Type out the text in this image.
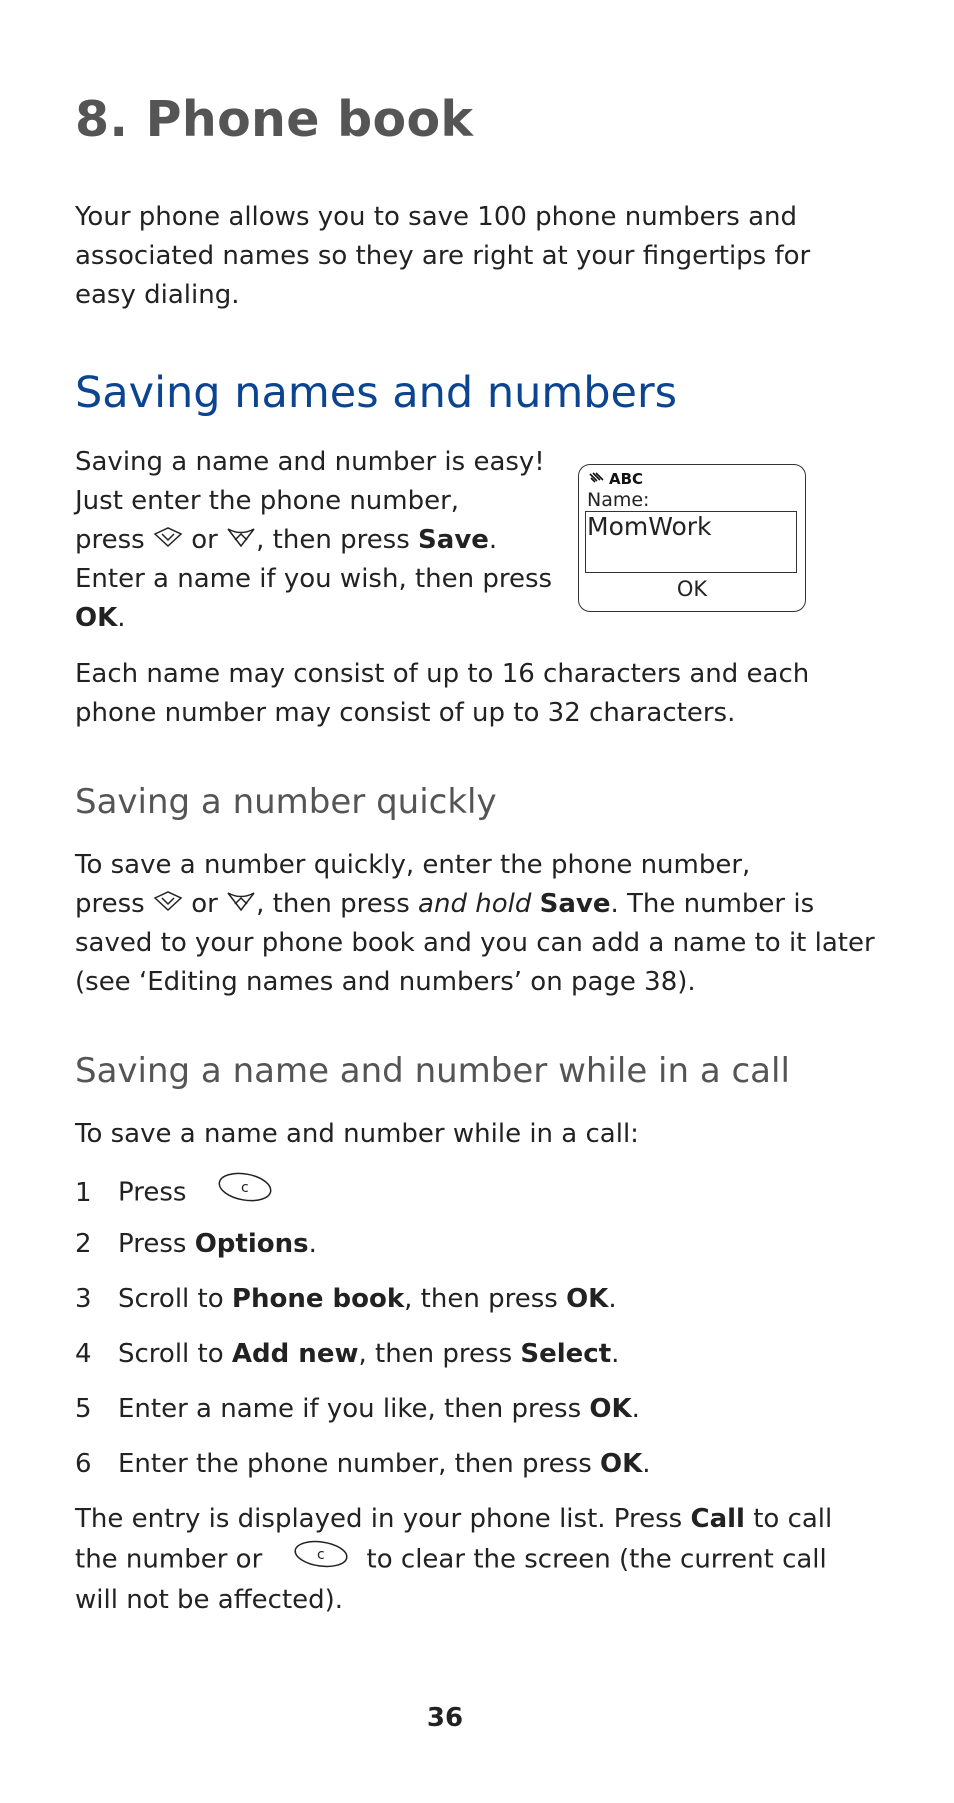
8. Phone book
Your phone allows you to save 100 phone numbers and
associated names so they are right at your fingertips for
easy dialing.
Saving names and numbers
Saving a name and number is easy!
Just enter the phone number,
press or , then press Save.
Enter a name if you wish, then press
OK.
ABC
Name:
MomWork
OK
Each name may consist of up to 16 characters and each
phone number may consist of up to 32 characters.
Saving a number quickly
To save a number quickly, enter the phone number,
press or , then press and hold Save. The number is
saved to your phone book and you can add a name to it later
(see ‘Editing names and numbers’ on page 38).
Saving a name and number while in a call
To save a name and number while in a call:
1 Press	c
2 Press Options.
3 Scroll to Phone book, then press OK.
4 Scroll to Add new, then press Select.
5 Enter a name if you like, then press OK.
6 Enter the phone number, then press OK.
The entry is displayed in your phone list. Press Call to call
the number or	c to clear the screen (the current call
will not be affected).
36
